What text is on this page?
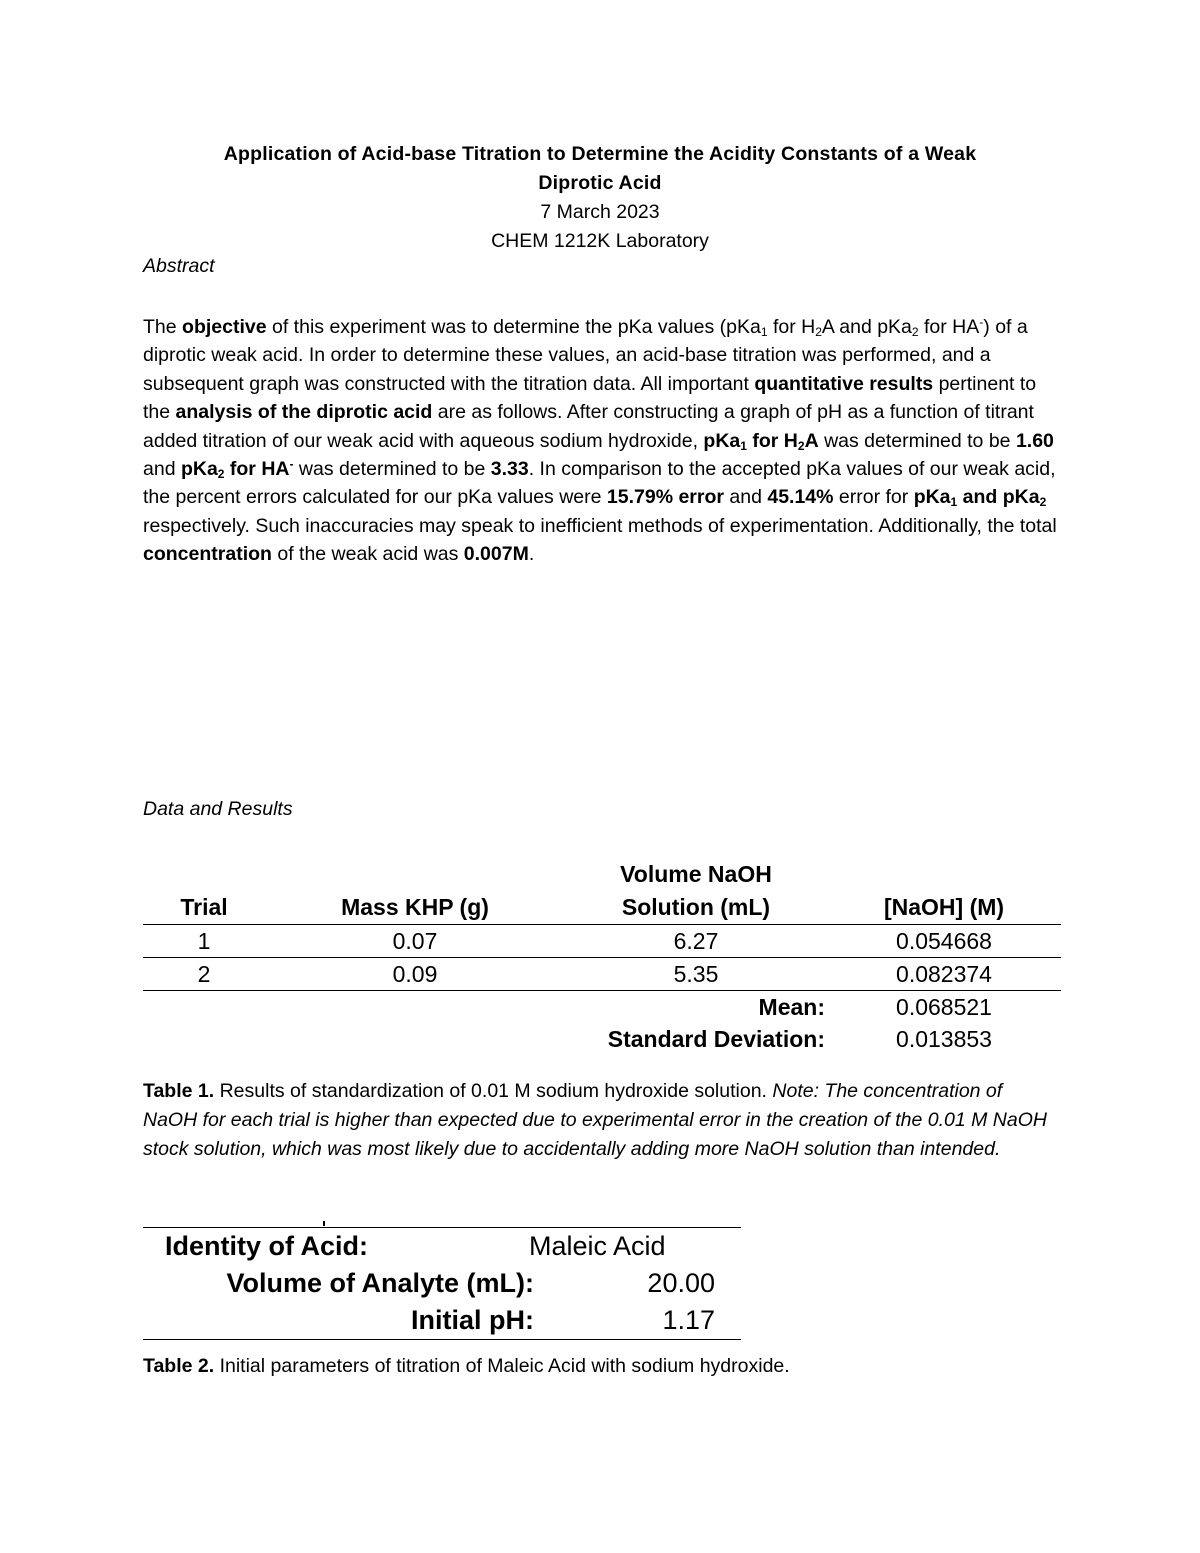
Application of Acid-base Titration to Determine the Acidity Constants of a Weak
Diprotic Acid
7 March 2023
CHEM 1212K Laboratory
Abstract
The objective of this experiment was to determine the pKa values (pKa$_1$ for $H_2A$ and pKa$_2$ for HA-) of a diprotic weak acid. In order to determine these values, an acid-base titration was performed, and a subsequent graph was constructed with the titration data. All important quantitative results pertinent to the analysis of the diprotic acid are as follows. After constructing a graph of pH as a function of titrant added titration of our weak acid with aqueous sodium hydroxide, pKa$_1$ for $H_2A$ was determined to be 1.60 and pKa$_2$ for HA- was determined to be 3.33. In comparison to the accepted pKa values of our weak acid, the percent errors calculated for our pKa values were 15.79% error and 45.14% error for pKa$_1$ and pKa$_2$ respectively. Such inaccuracies may speak to inefficient methods of experimentation. Additionally, the total concentration of the weak acid was 0.007M.
Data and Results
		Volume NaOH	
Trial	Mass KHP (g)	Solution (mL)	[NaOH] (M)
1	0.07	6.27	0.054668
2	0.09	5.35	0.082374
Mean:			0.068521
Standard Deviation:			0.013853
Table 1. Results of standardization of 0.01 M sodium hydroxide solution. Note: The concentration of NaOH for each trial is higher than expected due to experimental error in the creation of the 0.01 M NaOH stock solution, which was most likely due to accidentally adding more NaOH solution than intended.
Identity of Acid:	Maleic Acid
Volume of Analyte (mL):	20.00
Initial pH:	1.17
Table 2. Initial parameters of titration of Maleic Acid with sodium hydroxide.
